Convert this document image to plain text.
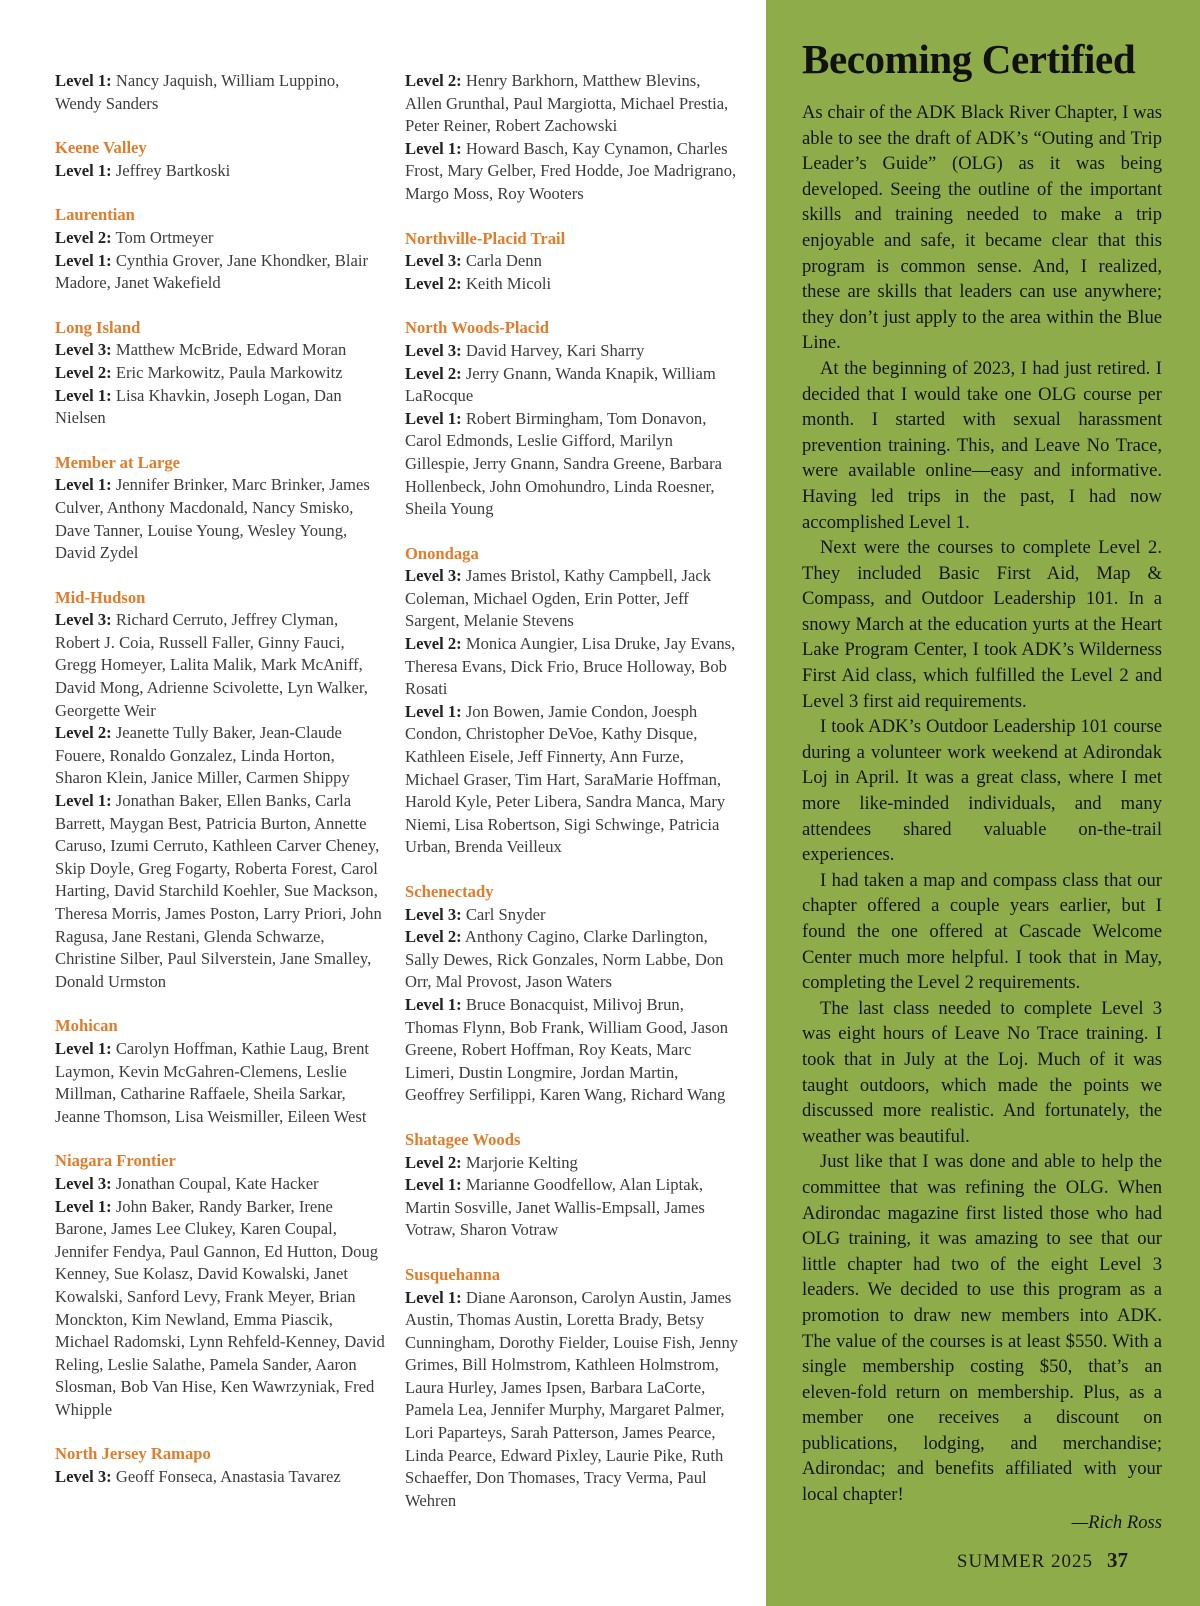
Level 1: Nancy Jaquish, William Luppino, Wendy Sanders
Keene Valley
Level 1: Jeffrey Bartkoski
Laurentian
Level 2: Tom Ortmeyer
Level 1: Cynthia Grover, Jane Khondker, Blair Madore, Janet Wakefield
Long Island
Level 3: Matthew McBride, Edward Moran
Level 2: Eric Markowitz, Paula Markowitz
Level 1: Lisa Khavkin, Joseph Logan, Dan Nielsen
Member at Large
Level 1: Jennifer Brinker, Marc Brinker, James Culver, Anthony Macdonald, Nancy Smisko, Dave Tanner, Louise Young, Wesley Young, David Zydel
Mid-Hudson
Level 3: Richard Cerruto, Jeffrey Clyman, Robert J. Coia, Russell Faller, Ginny Fauci, Gregg Homeyer, Lalita Malik, Mark McAniff, David Mong, Adrienne Scivolette, Lyn Walker, Georgette Weir
Level 2: Jeanette Tully Baker, Jean-Claude Fouere, Ronaldo Gonzalez, Linda Horton, Sharon Klein, Janice Miller, Carmen Shippy
Level 1: Jonathan Baker, Ellen Banks, Carla Barrett, Maygan Best, Patricia Burton, Annette Caruso, Izumi Cerruto, Kathleen Carver Cheney, Skip Doyle, Greg Fogarty, Roberta Forest, Carol Harting, David Starchild Koehler, Sue Mackson, Theresa Morris, James Poston, Larry Priori, John Ragusa, Jane Restani, Glenda Schwarze, Christine Silber, Paul Silverstein, Jane Smalley, Donald Urmston
Mohican
Level 1: Carolyn Hoffman, Kathie Laug, Brent Laymon, Kevin McGahren-Clemens, Leslie Millman, Catharine Raffaele, Sheila Sarkar, Jeanne Thomson, Lisa Weismiller, Eileen West
Niagara Frontier
Level 3: Jonathan Coupal, Kate Hacker
Level 1: John Baker, Randy Barker, Irene Barone, James Lee Clukey, Karen Coupal, Jennifer Fendya, Paul Gannon, Ed Hutton, Doug Kenney, Sue Kolasz, David Kowalski, Janet Kowalski, Sanford Levy, Frank Meyer, Brian Monckton, Kim Newland, Emma Piascik, Michael Radomski, Lynn Rehfeld-Kenney, David Reling, Leslie Salathe, Pamela Sander, Aaron Slosman, Bob Van Hise, Ken Wawrzyniak, Fred Whipple
North Jersey Ramapo
Level 3: Geoff Fonseca, Anastasia Tavarez
Level 2: Henry Barkhorn, Matthew Blevins, Allen Grunthal, Paul Margiotta, Michael Prestia, Peter Reiner, Robert Zachowski
Level 1: Howard Basch, Kay Cynamon, Charles Frost, Mary Gelber, Fred Hodde, Joe Madrigrano, Margo Moss, Roy Wooters
Northville-Placid Trail
Level 3: Carla Denn
Level 2: Keith Micoli
North Woods-Placid
Level 3: David Harvey, Kari Sharry
Level 2: Jerry Gnann, Wanda Knapik, William LaRocque
Level 1: Robert Birmingham, Tom Donavon, Carol Edmonds, Leslie Gifford, Marilyn Gillespie, Jerry Gnann, Sandra Greene, Barbara Hollenbeck, John Omohundro, Linda Roesner, Sheila Young
Onondaga
Level 3: James Bristol, Kathy Campbell, Jack Coleman, Michael Ogden, Erin Potter, Jeff Sargent, Melanie Stevens
Level 2: Monica Aungier, Lisa Druke, Jay Evans, Theresa Evans, Dick Frio, Bruce Holloway, Bob Rosati
Level 1: Jon Bowen, Jamie Condon, Joesph Condon, Christopher DeVoe, Kathy Disque, Kathleen Eisele, Jeff Finnerty, Ann Furze, Michael Graser, Tim Hart, SaraMarie Hoffman, Harold Kyle, Peter Libera, Sandra Manca, Mary Niemi, Lisa Robertson, Sigi Schwinge, Patricia Urban, Brenda Veilleux
Schenectady
Level 3: Carl Snyder
Level 2: Anthony Cagino, Clarke Darlington, Sally Dewes, Rick Gonzales, Norm Labbe, Don Orr, Mal Provost, Jason Waters
Level 1: Bruce Bonacquist, Milivoj Brun, Thomas Flynn, Bob Frank, William Good, Jason Greene, Robert Hoffman, Roy Keats, Marc Limeri, Dustin Longmire, Jordan Martin, Geoffrey Serfilippi, Karen Wang, Richard Wang
Shatagee Woods
Level 2: Marjorie Kelting
Level 1: Marianne Goodfellow, Alan Liptak, Martin Sosville, Janet Wallis-Empsall, James Votraw, Sharon Votraw
Susquehanna
Level 1: Diane Aaronson, Carolyn Austin, James Austin, Thomas Austin, Loretta Brady, Betsy Cunningham, Dorothy Fielder, Louise Fish, Jenny Grimes, Bill Holmstrom, Kathleen Holmstrom, Laura Hurley, James Ipsen, Barbara LaCorte, Pamela Lea, Jennifer Murphy, Margaret Palmer, Lori Paparteys, Sarah Patterson, James Pearce, Linda Pearce, Edward Pixley, Laurie Pike, Ruth Schaeffer, Don Thomases, Tracy Verma, Paul Wehren
Becoming Certified

As chair of the ADK Black River Chapter, I was able to see the draft of ADK’s “Outing and Trip Leader’s Guide” (OLG) as it was being developed. Seeing the outline of the important skills and training needed to make a trip enjoyable and safe, it became clear that this program is common sense. And, I realized, these are skills that leaders can use anywhere; they don’t just apply to the area within the Blue Line.

At the beginning of 2023, I had just retired. I decided that I would take one OLG course per month. I started with sexual harassment prevention training. This, and Leave No Trace, were available online—easy and informative. Having led trips in the past, I had now accomplished Level 1.

Next were the courses to complete Level 2. They included Basic First Aid, Map & Compass, and Outdoor Leadership 101. In a snowy March at the education yurts at the Heart Lake Program Center, I took ADK’s Wilderness First Aid class, which fulfilled the Level 2 and Level 3 first aid requirements.

I took ADK’s Outdoor Leadership 101 course during a volunteer work weekend at Adirondak Loj in April. It was a great class, where I met more like-minded individuals, and many attendees shared valuable on-the-trail experiences.

I had taken a map and compass class that our chapter offered a couple years earlier, but I found the one offered at Cascade Welcome Center much more helpful. I took that in May, completing the Level 2 requirements.

The last class needed to complete Level 3 was eight hours of Leave No Trace training. I took that in July at the Loj. Much of it was taught outdoors, which made the points we discussed more realistic. And fortunately, the weather was beautiful.

Just like that I was done and able to help the committee that was refining the OLG. When Adirondac magazine first listed those who had OLG training, it was amazing to see that our little chapter had two of the eight Level 3 leaders. We decided to use this program as a promotion to draw new members into ADK. The value of the courses is at least $550. With a single membership costing $50, that’s an eleven-fold return on membership. Plus, as a member one receives a discount on publications, lodging, and merchandise; Adirondac; and benefits affiliated with your local chapter!

—Rich Ross

SUMMER 2025 37
